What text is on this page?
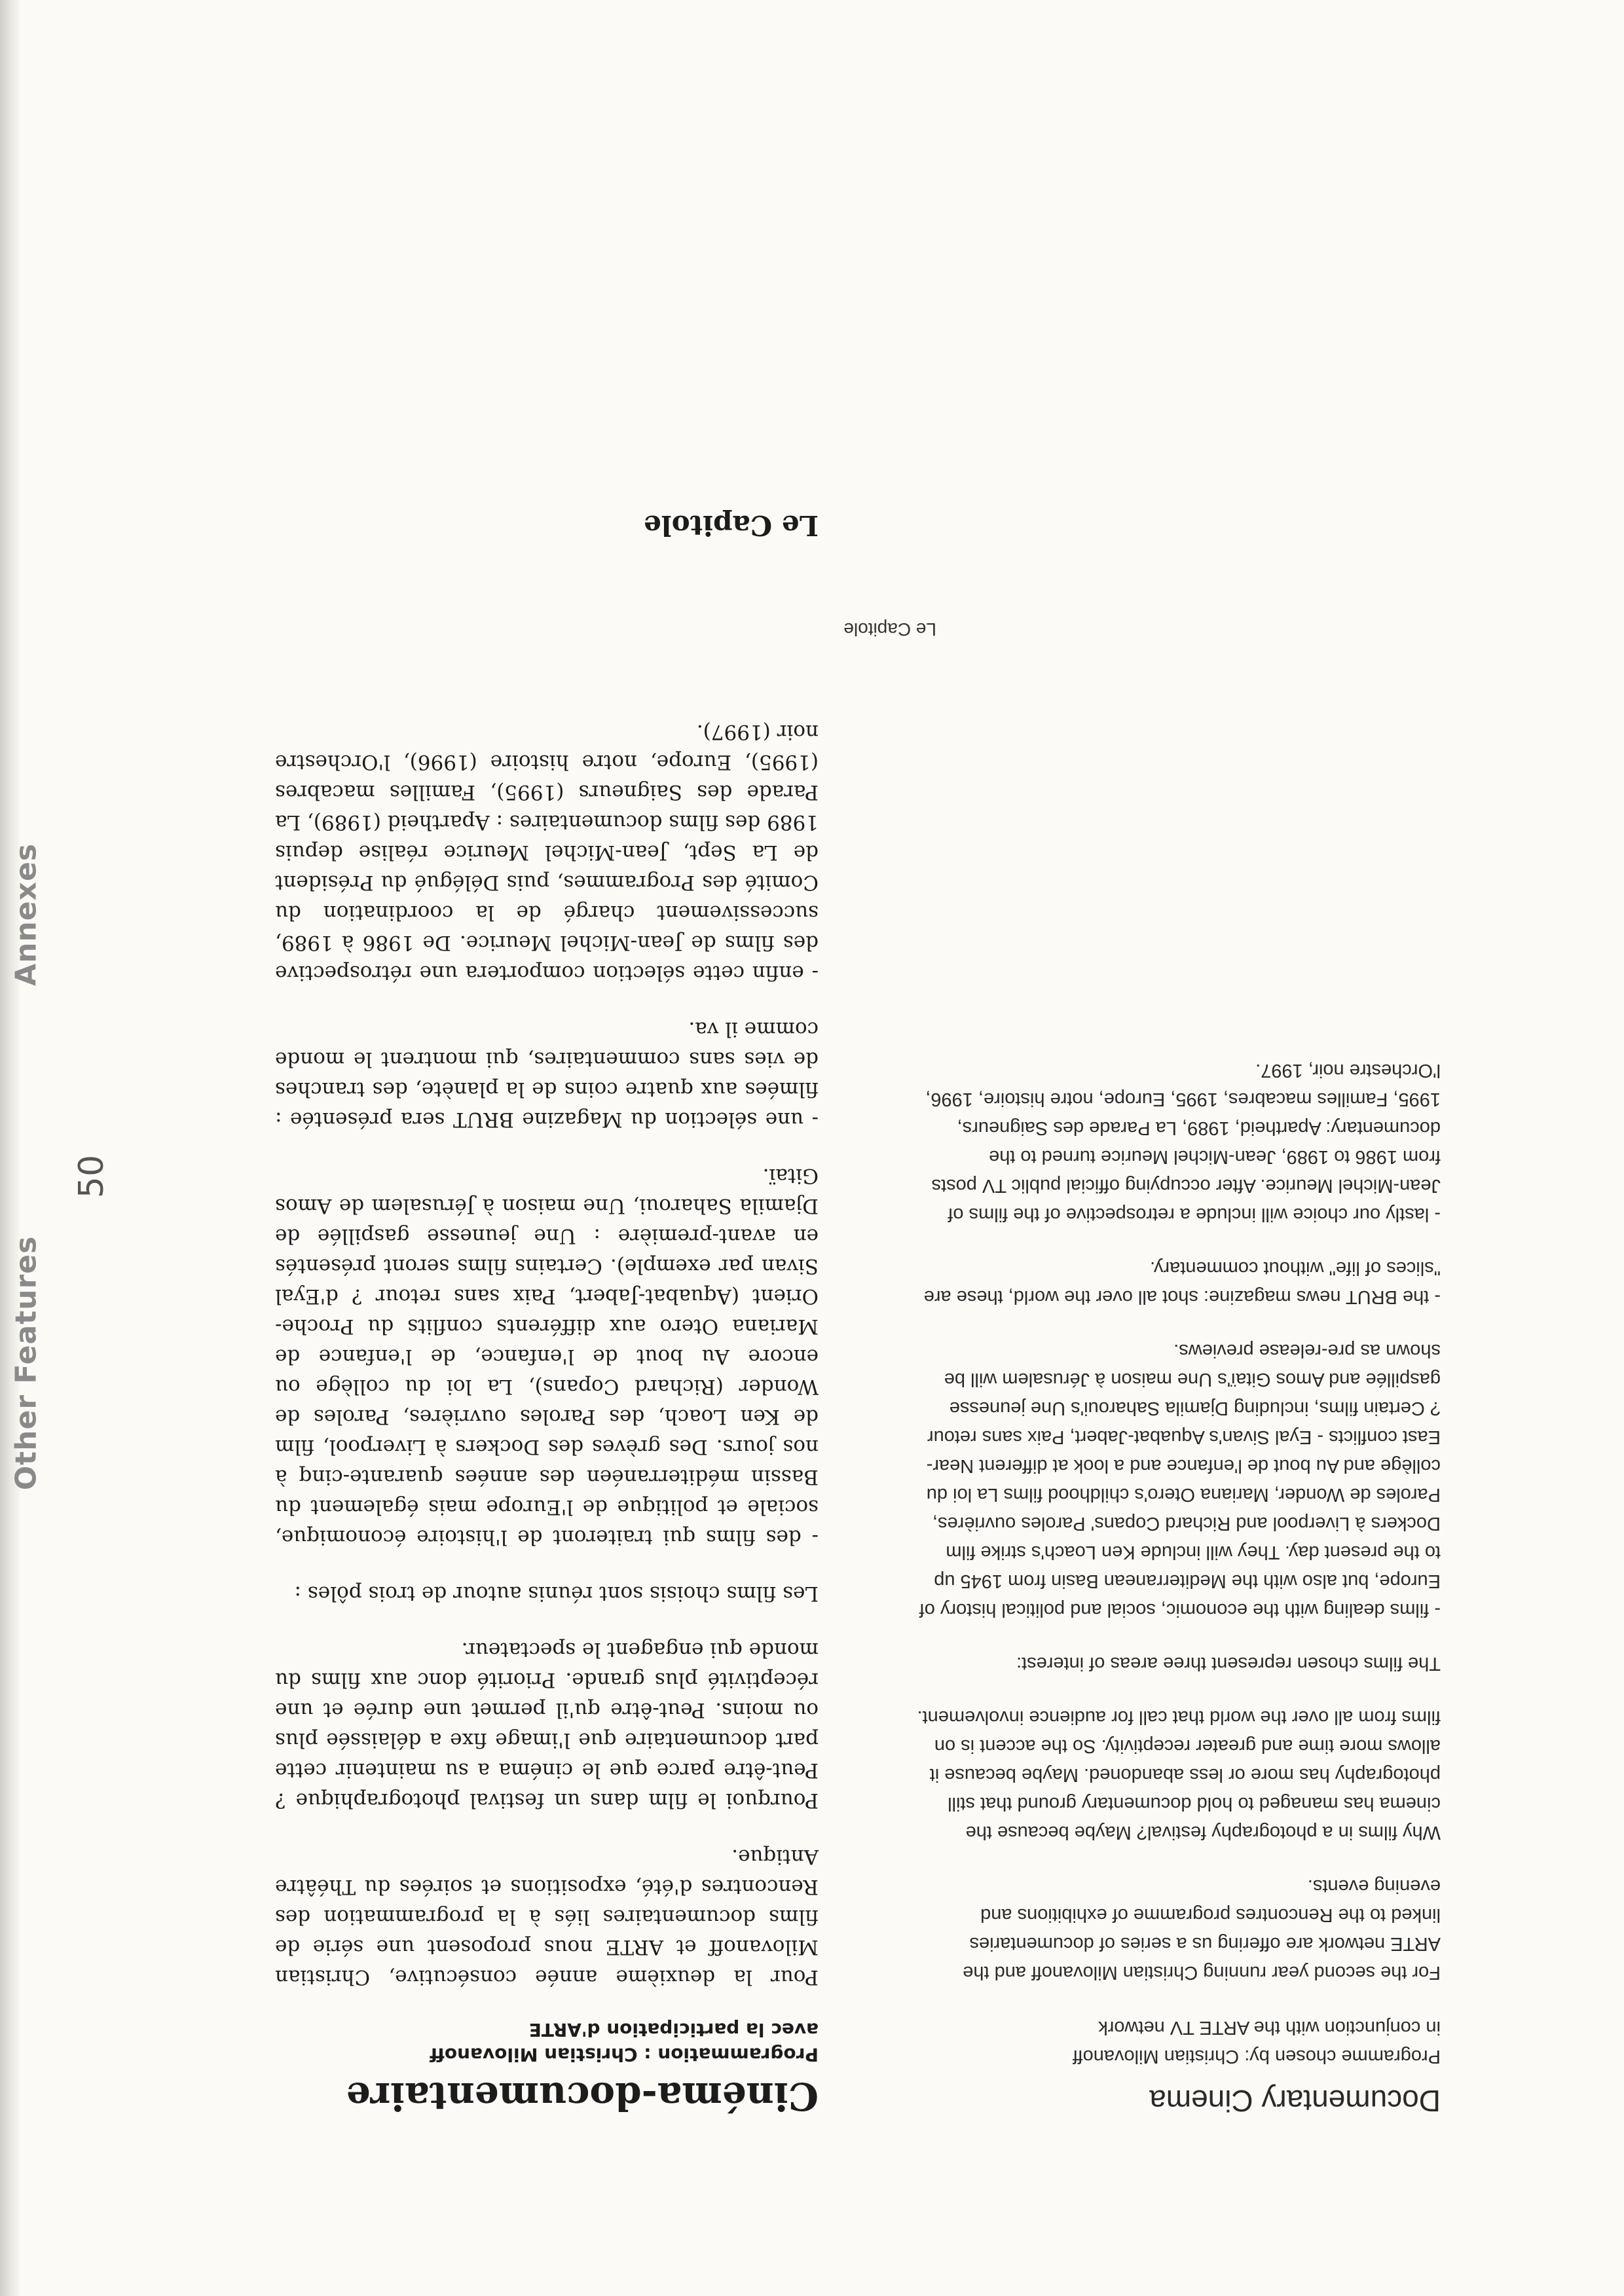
Other Features
Annexes
50
Cinéma-documentaire
Programmation : Christian Milovanoff
avec la participation d'ARTE

Pour la deuxième année consécutive, Christian Milovanoff et ARTE nous proposent une série de films documentaires liés à la programmation des Rencontres d'été, expositions et soirées du Théâtre Antique.

Pourquoi le film dans un festival photographique ? Peut-être parce que le cinéma a su maintenir cette part documentaire que l'image fixe a délaissée plus ou moins. Peut-être qu'il permet une durée et une réceptivité plus grande. Priorité donc aux films du monde qui engagent le spectateur.

Les films choisis sont réunis autour de trois pôles :

- des films qui traiteront de l'histoire économique, sociale et politique de l'Europe mais également du Bassin méditerranéen des années quarante-cinq à nos jours. Des grèves des Dockers à Liverpool, film de Ken Loach, des Paroles ouvrières, Paroles de Wonder (Richard Copans), La loi du collège ou encore Au bout de l'enfance, de l'enfance de Mariana Otero aux différents conflits du Proche-Orient (Aquabat-Jabert, Paix sans retour ? d'Eyal Sivan par exemple). Certains films seront présentés en avant-première : Une jeunesse gaspillée de Djamila Saharoui, Une maison à Jérusalem de Amos Gitaï.

- une sélection du Magazine BRUT sera présentée : filmées aux quatre coins de la planète, des tranches de vies sans commentaires, qui montrent le monde comme il va.

- enfin cette sélection comportera une rétrospective des films de Jean-Michel Meurice. De 1986 à 1989, successivement chargé de la coordination du Comité des Programmes, puis Délégué du Président de La Sept, Jean-Michel Meurice réalise depuis 1989 des films documentaires : Apartheid (1989), La Parade des Saigneurs (1995), Familles macabres (1995), Europe, notre histoire (1996), l'Orchestre noir (1997).

Le Capitole
Documentary Cinema
Programme chosen by: Christian Milovanoff
in conjunction with the ARTE TV network

For the second year running Christian Milovanoff and the ARTE network are offering us a series of documentaries linked to the Rencontres programme of exhibitions and evening events.

Why films in a photography festival? Maybe because the cinema has managed to hold documentary ground that still photography has more or less abandoned. Maybe because it allows more time and greater receptivity. So the accent is on films from all over the world that call for audience involvement.

The films chosen represent three areas of interest:

- films dealing with the economic, social and political history of Europe, but also with the Mediterranean Basin from 1945 up to the present day. They will include Ken Loach's strike film Dockers à Liverpool and Richard Copans' Paroles ouvrières, Paroles de Wonder, Mariana Otero's childhood films La loi du collège and Au bout de l'enfance and a look at different Near-East conflicts - Eyal Sivan's Aquabat-Jabert, Paix sans retour ? Certain films, including Djamila Saharoui's Une jeunesse gaspillée and Amos Gitaï's Une maison à Jérusalem will be shown as pre-release previews.

- the BRUT news magazine: shot all over the world, these are "slices of life" without commentary.

- lastly our choice will include a retrospective of the films of Jean-Michel Meurice. After occupying official public TV posts from 1986 to 1989, Jean-Michel Meurice turned to the documentary: Apartheid, 1989, La Parade des Saigneurs, 1995, Familles macabres, 1995, Europe, notre histoire, 1996, l'Orchestre noir, 1997.

Le Capitole
